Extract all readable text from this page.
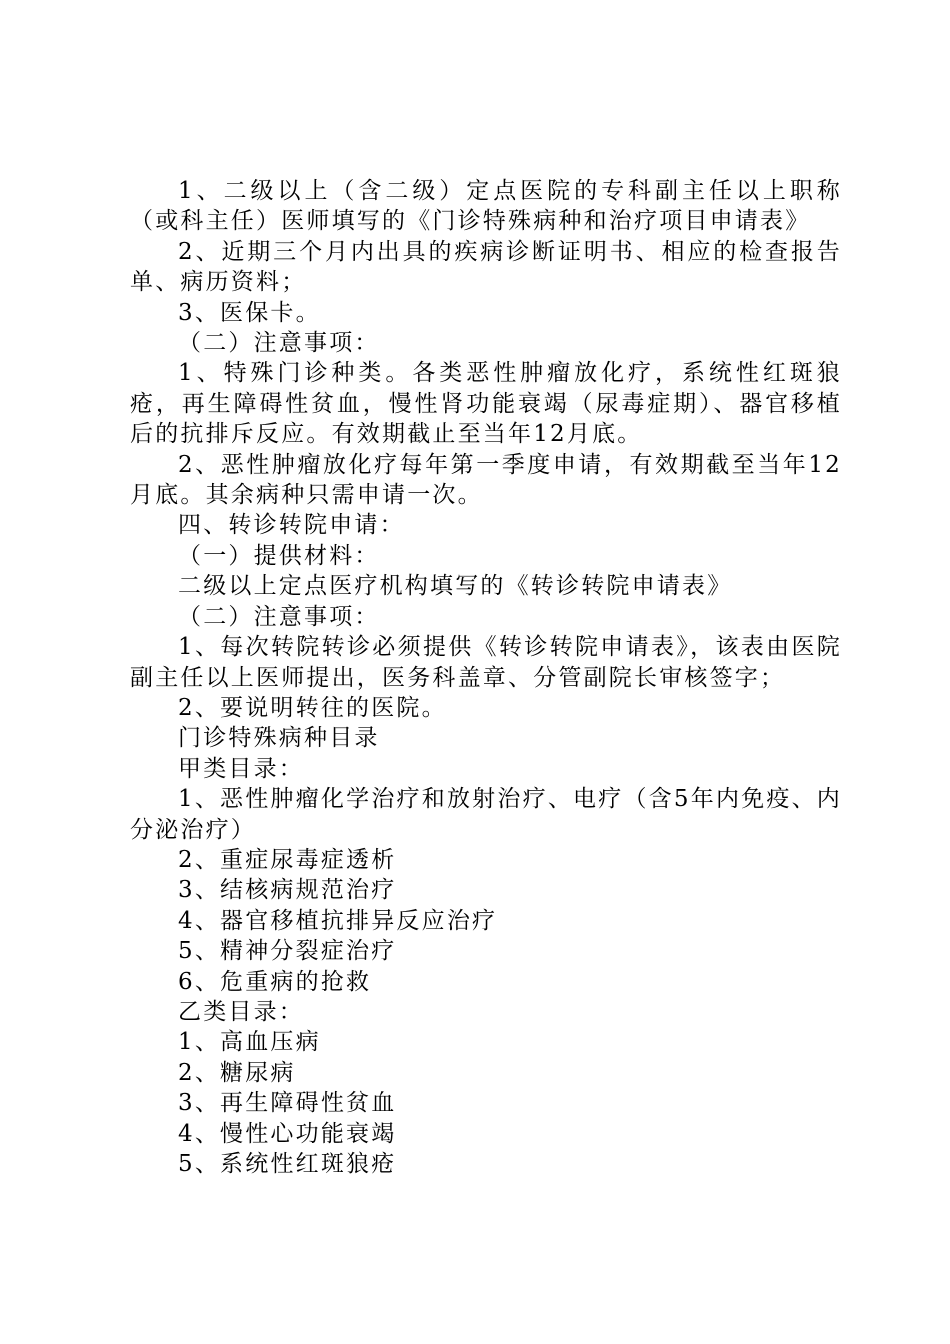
1、二级以上（含二级）定点医院的专科副主任以上职称（或科主任）医师填写的《门诊特殊病种和治疗项目申请表》

2、近期三个月内出具的疾病诊断证明书、相应的检查报告单、病历资料；

3、医保卡。

（二）注意事项：

1、特殊门诊种类。各类恶性肿瘤放化疗，系统性红斑狼疮，再生障碍性贫血，慢性肾功能衰竭（尿毒症期）、器官移植后的抗排斥反应。有效期截止至当年12月底。

2、恶性肿瘤放化疗每年第一季度申请，有效期截至当年12月底。其余病种只需申请一次。

四、转诊转院申请：

（一）提供材料：

二级以上定点医疗机构填写的《转诊转院申请表》

（二）注意事项：

1、每次转院转诊必须提供《转诊转院申请表》，该表由医院副主任以上医师提出，医务科盖章、分管副院长审核签字；

2、要说明转往的医院。

门诊特殊病种目录

甲类目录：

1、恶性肿瘤化学治疗和放射治疗、电疗（含5年内免疫、内分泌治疗）

2、重症尿毒症透析

3、结核病规范治疗

4、器官移植抗排异反应治疗

5、精神分裂症治疗

6、危重病的抢救

乙类目录：

1、高血压病

2、糖尿病

3、再生障碍性贫血

4、慢性心功能衰竭

5、系统性红斑狼疮
